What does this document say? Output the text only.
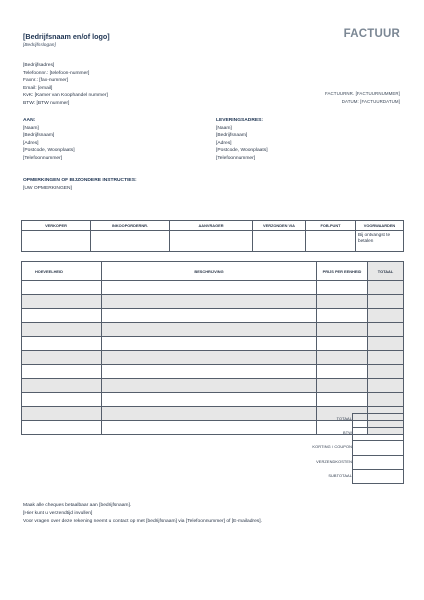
[Bedrijfsnaam en/of logo]
[Bedrijfsslogan]
FACTUUR
[Bedrijfsadres]
Telefoonnr.: [telefoon-nummer]
Faxnr.: [fax-nummer]
Email: [email]
KvK: [Kamer van Koophandel nummer]
BTW: [BTW nummer]
FACTUURNR. [FACTUURNUMMER]
DATUM: [FACTUURDATUM]
AAN:
[Naam]
[Bedrijfsnaam]
[Adres]
[Postcode, Woonplaats]
[Telefoonnummer]
LEVERINGSADRES:
[Naam]
[Bedrijfsnaam]
[Adres]
[Postcode, Woonplaats]
[Telefoonnummer]
OPMERKINGEN OF BIJZONDERE INSTRUCTIES:
[UW OPMERKINGEN]
VERKOPER	INKOOPORDERNR.	AANVRAGER	VERZONDEN VIA	FOB-PUNT	VOORWAARDEN
					Bij ontvangst te betalen
HOEVEELHEID	BESCHRIJVING	PRIJS PER EENHEID	TOTAAL

TOTAAL
BTW
KORTING / COUPON
VERZENDKOSTEN
SUBTOTAAL
Maak alle cheques betaalbaar aan [bedrijfsnaam].
[Hier kunt u verzendtijd invullen]
Voor vragen over deze rekening neemt u contact op met [bedrijfsnaam] via [Telefoonnummer] of [E-mailadres].
